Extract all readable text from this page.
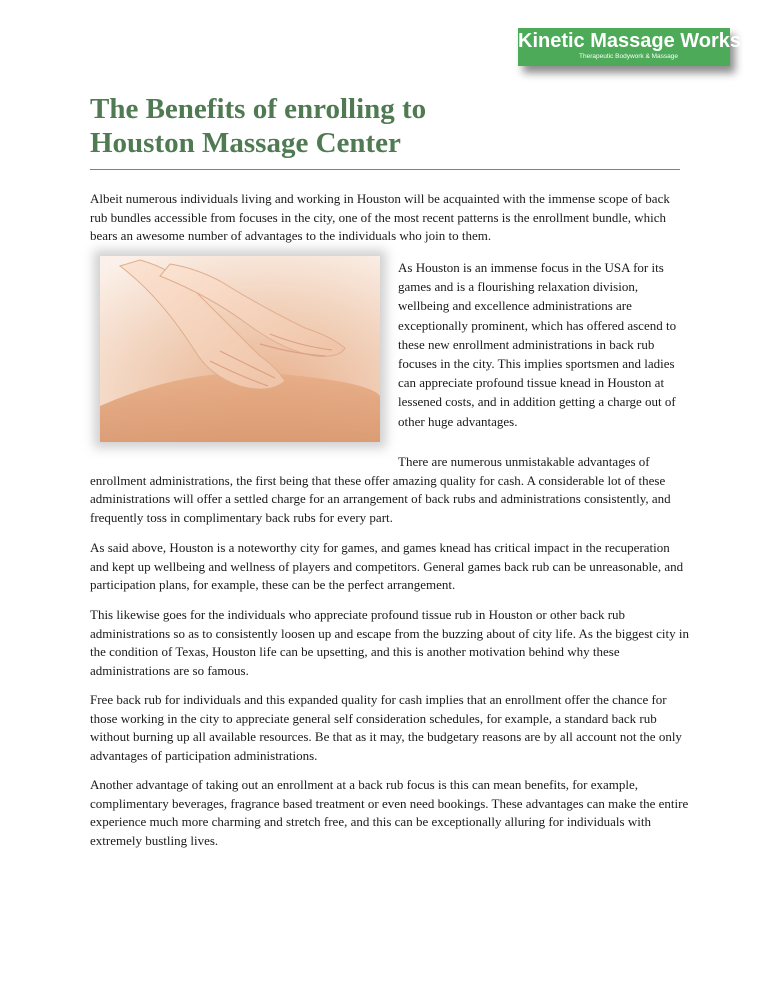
Kinetic Massage Works
Therapeutic Bodywork & Massage
The Benefits of enrolling to
Houston Massage Center

Albeit numerous individuals living and working in Houston will be acquainted with the immense scope of back rub bundles accessible from focuses in the city, one of the most recent patterns is the enrollment bundle, which bears an awesome number of advantages to the individuals who join to them.

As Houston is an immense focus in the USA for its games and is a flourishing relaxation division, wellbeing and excellence administrations are exceptionally prominent, which has offered ascend to these new enrollment administrations in back rub focuses in the city. This implies sportsmen and ladies can appreciate profound tissue knead in Houston at lessened costs, and in addition getting a charge out of other huge advantages.

There are numerous unmistakable advantages of
enrollment administrations, the first being that these offer amazing quality for cash. A considerable lot of these administrations will offer a settled charge for an arrangement of back rubs and administrations consistently, and frequently toss in complimentary back rubs for every part.

As said above, Houston is a noteworthy city for games, and games knead has critical impact in the recuperation and kept up wellbeing and wellness of players and competitors. General games back rub can be unreasonable, and participation plans, for example, these can be the perfect arrangement.

This likewise goes for the individuals who appreciate profound tissue rub in Houston or other back rub administrations so as to consistently loosen up and escape from the buzzing about of city life. As the biggest city in the condition of Texas, Houston life can be upsetting, and this is another motivation behind why these administrations are so famous.

Free back rub for individuals and this expanded quality for cash implies that an enrollment offer the chance for those working in the city to appreciate general self consideration schedules, for example, a standard back rub without burning up all available resources. Be that as it may, the budgetary reasons are by all account not the only advantages of participation administrations.

Another advantage of taking out an enrollment at a back rub focus is this can mean benefits, for example, complimentary beverages, fragrance based treatment or even need bookings. These advantages can make the entire experience much more charming and stretch free, and this can be exceptionally alluring for individuals with extremely bustling lives.
